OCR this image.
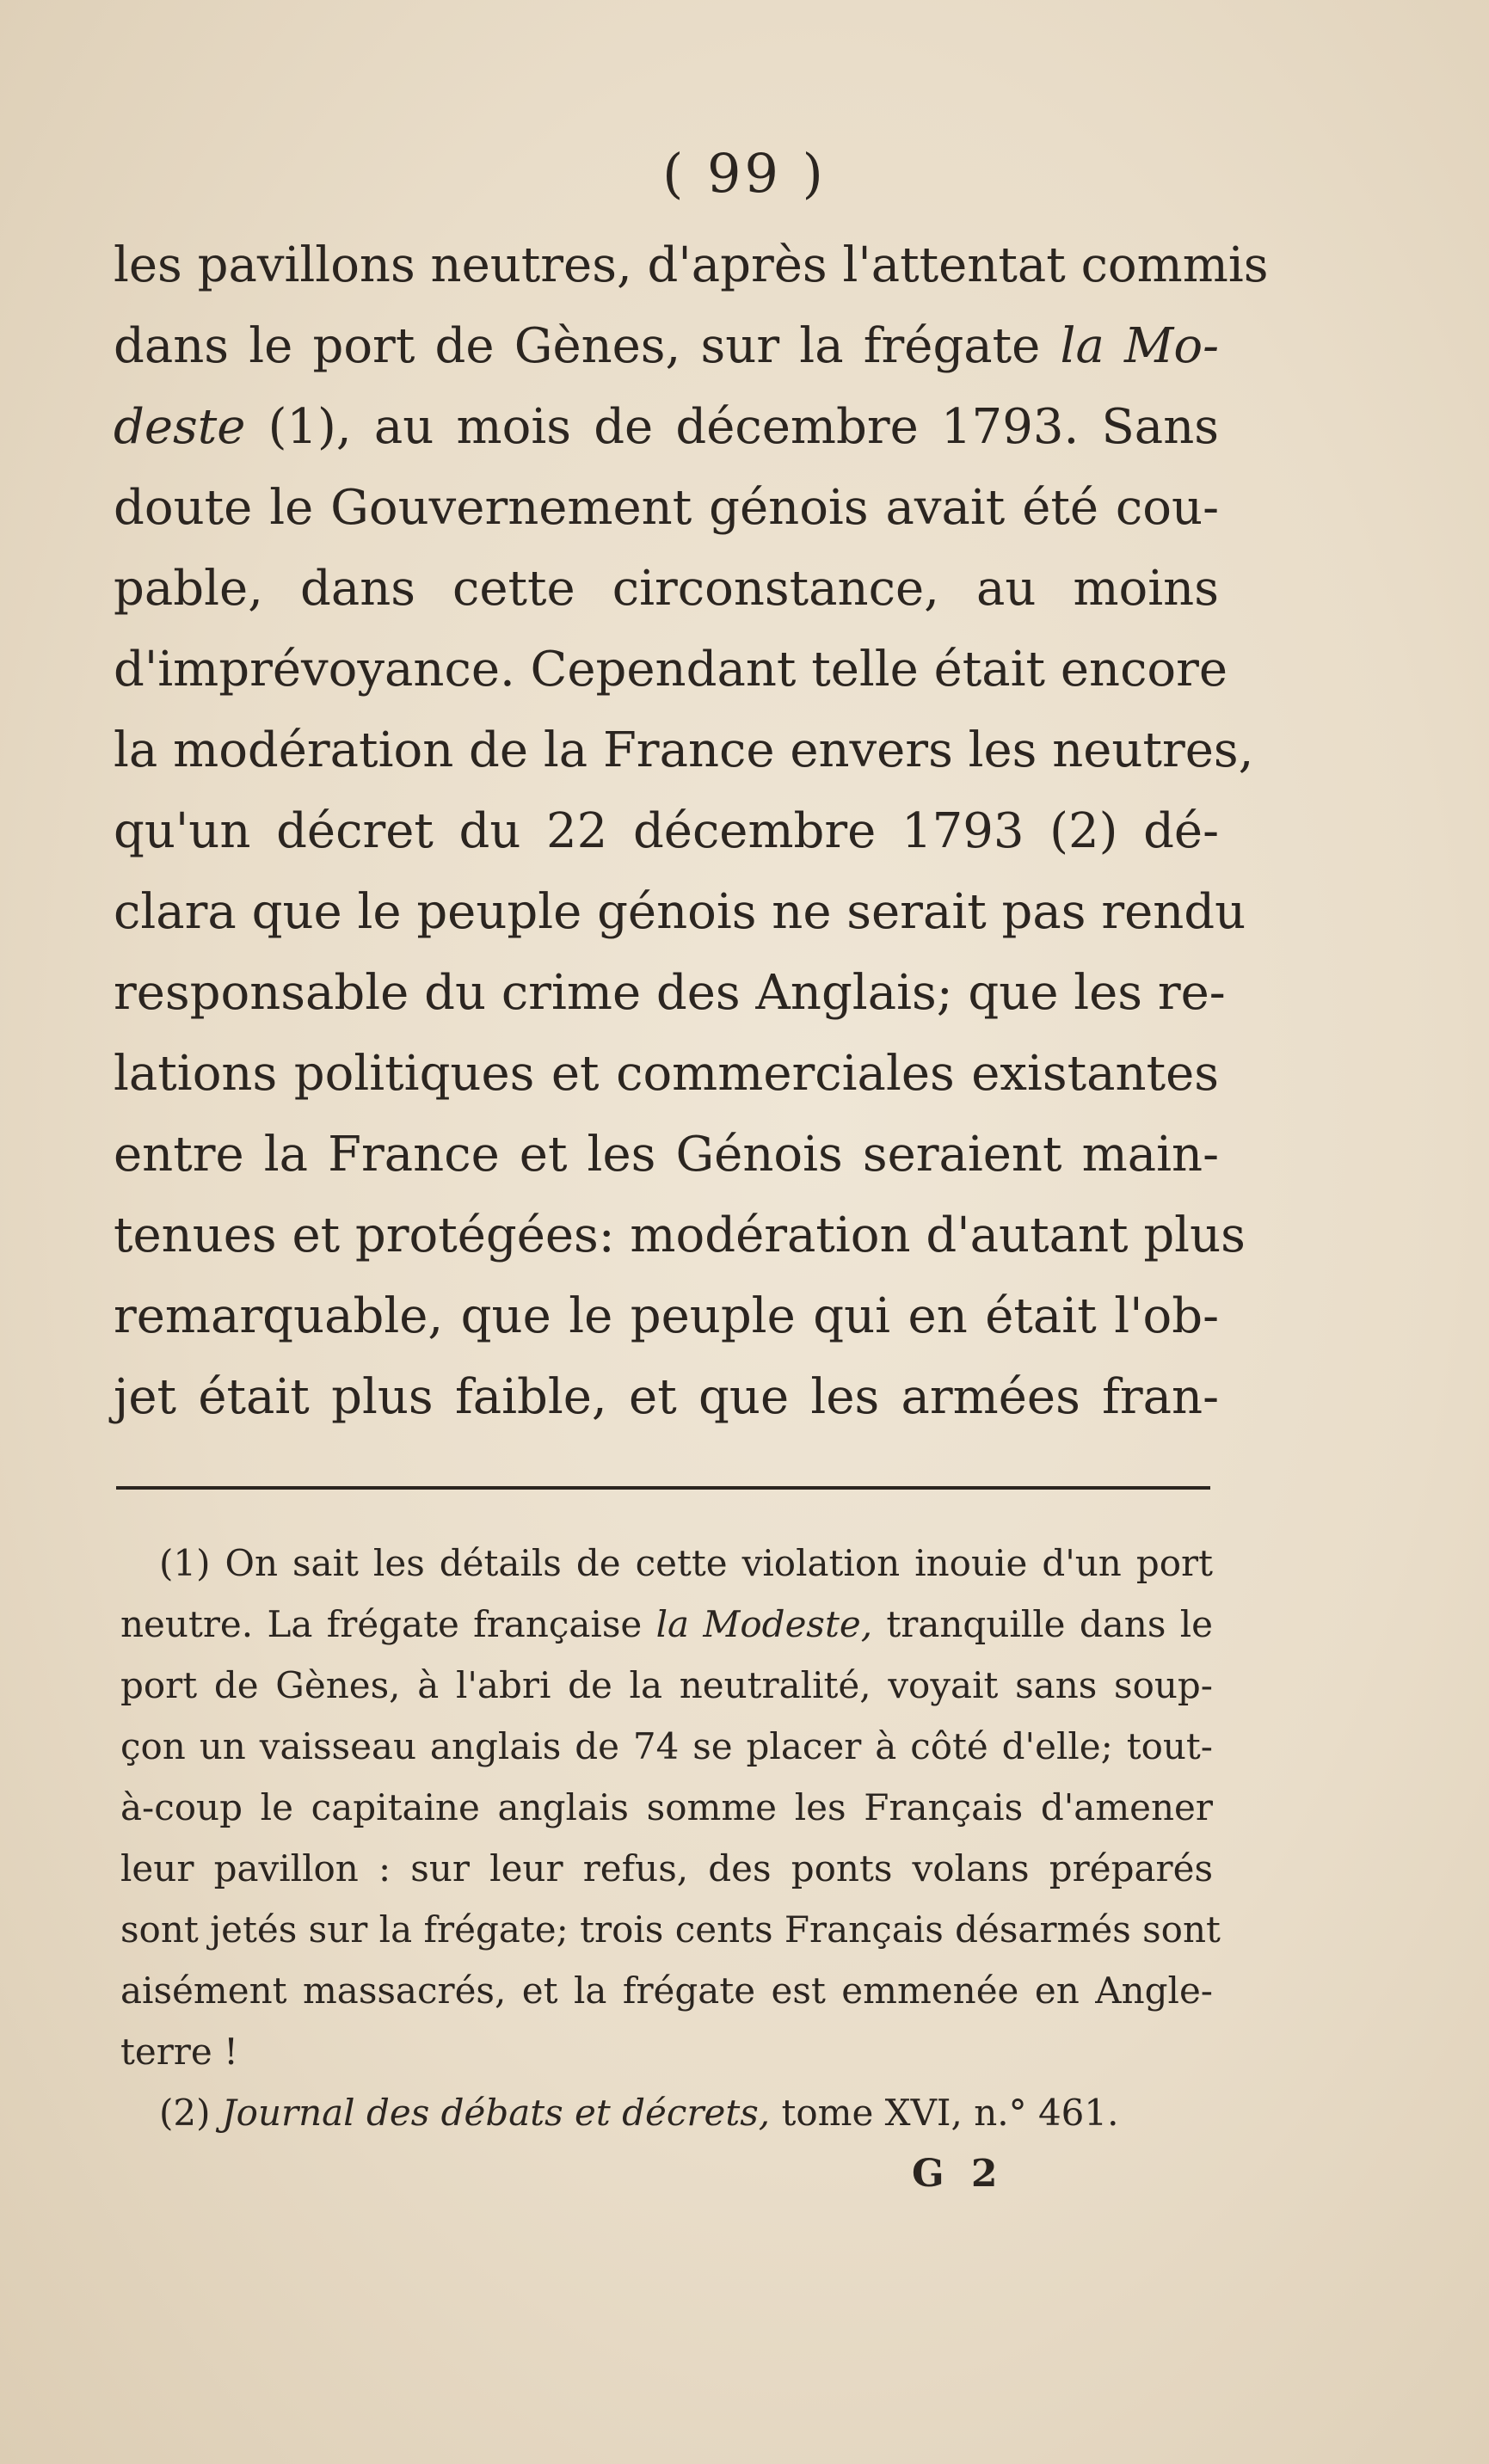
( 99 )
les pavillons neutres, d'après l'attentat commis
dans le port de Gènes, sur la frégate la Mo-
deste (1), au mois de décembre 1793. Sans
doute le Gouvernement génois avait été cou-
pable, dans cette circonstance, au moins
d'imprévoyance. Cependant telle était encore
la modération de la France envers les neutres,
qu'un décret du 22 décembre 1793 (2) dé-
clara que le peuple génois ne serait pas rendu
responsable du crime des Anglais; que les re-
lations politiques et commerciales existantes
entre la France et les Génois seraient main-
tenues et protégées: modération d'autant plus
remarquable, que le peuple qui en était l'ob-
jet était plus faible, et que les armées fran-
(1) On sait les détails de cette violation inouie d'un port
neutre. La frégate française la Modeste, tranquille dans le
port de Gènes, à l'abri de la neutralité, voyait sans soup-
çon un vaisseau anglais de 74 se placer à côté d'elle; tout-
à-coup le capitaine anglais somme les Français d'amener
leur pavillon : sur leur refus, des ponts volans préparés
sont jetés sur la frégate; trois cents Français désarmés sont
aisément massacrés, et la frégate est emmenée en Angle-
terre !
(2) Journal des débats et décrets, tome XVI, n.° 461.
G 2
